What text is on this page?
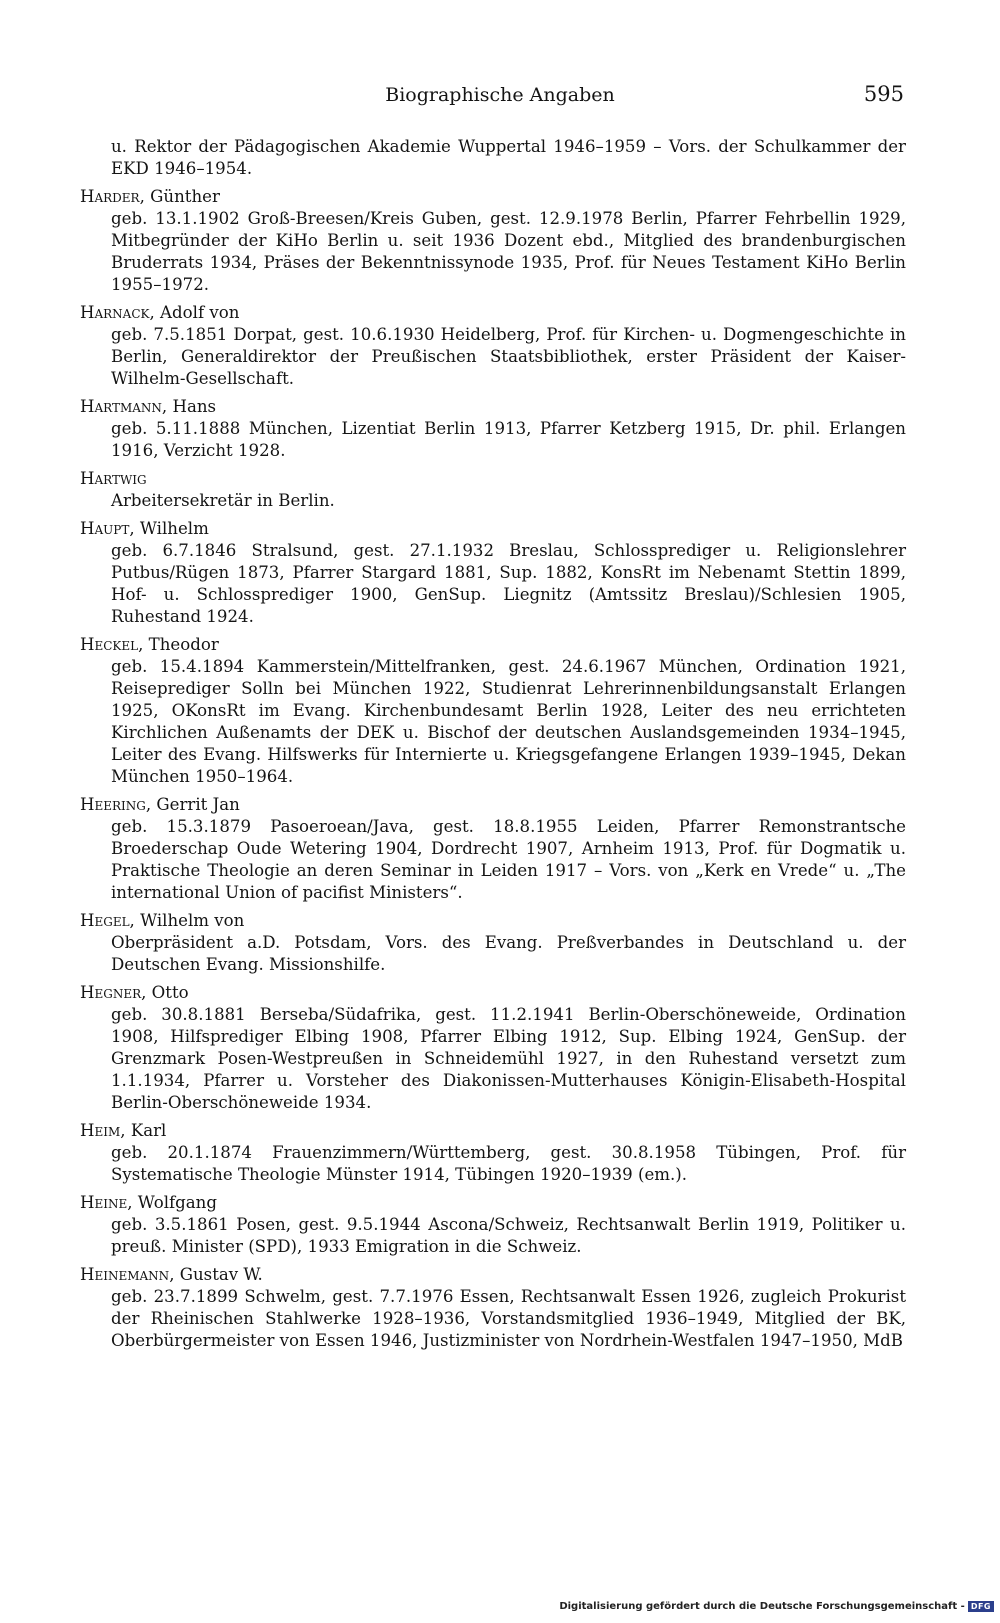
Biographische Angaben	595

u. Rektor der Pädagogischen Akademie Wuppertal 1946–1959 – Vors. der Schulkammer der EKD 1946–1954.

Harder, Günther

geb. 13.1.1902 Groß-Breesen/Kreis Guben, gest. 12.9.1978 Berlin, Pfarrer Fehrbellin 1929, Mitbegründer der KiHo Berlin u. seit 1936 Dozent ebd., Mitglied des brandenburgischen Bruderrats 1934, Präses der Bekenntnissynode 1935, Prof. für Neues Testament KiHo Berlin 1955–1972.

Harnack, Adolf von

geb. 7.5.1851 Dorpat, gest. 10.6.1930 Heidelberg, Prof. für Kirchen- u. Dogmengeschichte in Berlin, Generaldirektor der Preußischen Staatsbibliothek, erster Präsident der Kaiser-Wilhelm-Gesellschaft.

Hartmann, Hans

geb. 5.11.1888 München, Lizentiat Berlin 1913, Pfarrer Ketzberg 1915, Dr. phil. Erlangen 1916, Verzicht 1928.

Hartwig

Arbeitersekretär in Berlin.

Haupt, Wilhelm

geb. 6.7.1846 Stralsund, gest. 27.1.1932 Breslau, Schlossprediger u. Religionslehrer Putbus/Rügen 1873, Pfarrer Stargard 1881, Sup. 1882, KonsRt im Nebenamt Stettin 1899, Hof- u. Schlossprediger 1900, GenSup. Liegnitz (Amtssitz Breslau)/Schlesien 1905, Ruhestand 1924.

Heckel, Theodor

geb. 15.4.1894 Kammerstein/Mittelfranken, gest. 24.6.1967 München, Ordination 1921, Reiseprediger Solln bei München 1922, Studienrat Lehrerinnenbildungsanstalt Erlangen 1925, OKonsRt im Evang. Kirchenbundesamt Berlin 1928, Leiter des neu errichteten Kirchlichen Außenamts der DEK u. Bischof der deutschen Auslandsgemeinden 1934–1945, Leiter des Evang. Hilfswerks für Internierte u. Kriegsgefangene Erlangen 1939–1945, Dekan München 1950–1964.

Heering, Gerrit Jan

geb. 15.3.1879 Pasoeroean/Java, gest. 18.8.1955 Leiden, Pfarrer Remonstrantsche Broederschap Oude Wetering 1904, Dordrecht 1907, Arnheim 1913, Prof. für Dogmatik u. Praktische Theologie an deren Seminar in Leiden 1917 – Vors. von „Kerk en Vrede“ u. „The international Union of pacifist Ministers“.

Hegel, Wilhelm von

Oberpräsident a.D. Potsdam, Vors. des Evang. Preßverbandes in Deutschland u. der Deutschen Evang. Missionshilfe.

Hegner, Otto

geb. 30.8.1881 Berseba/Südafrika, gest. 11.2.1941 Berlin-Oberschöneweide, Ordination 1908, Hilfsprediger Elbing 1908, Pfarrer Elbing 1912, Sup. Elbing 1924, GenSup. der Grenzmark Posen-Westpreußen in Schneidemühl 1927, in den Ruhestand versetzt zum 1.1.1934, Pfarrer u. Vorsteher des Diakonissen-Mutterhauses Königin-Elisabeth-Hospital Berlin-Oberschöneweide 1934.

Heim, Karl

geb. 20.1.1874 Frauenzimmern/Württemberg, gest. 30.8.1958 Tübingen, Prof. für Systematische Theologie Münster 1914, Tübingen 1920–1939 (em.).

Heine, Wolfgang

geb. 3.5.1861 Posen, gest. 9.5.1944 Ascona/Schweiz, Rechtsanwalt Berlin 1919, Politiker u. preuß. Minister (SPD), 1933 Emigration in die Schweiz.

Heinemann, Gustav W.

geb. 23.7.1899 Schwelm, gest. 7.7.1976 Essen, Rechtsanwalt Essen 1926, zugleich Prokurist der Rheinischen Stahlwerke 1928–1936, Vorstandsmitglied 1936–1949, Mitglied der BK, Oberbürgermeister von Essen 1946, Justizminister von Nordrhein-Westfalen 1947–1950, MdB

Digitalisierung gefördert durch die Deutsche Forschungsgemeinschaft - DFG
